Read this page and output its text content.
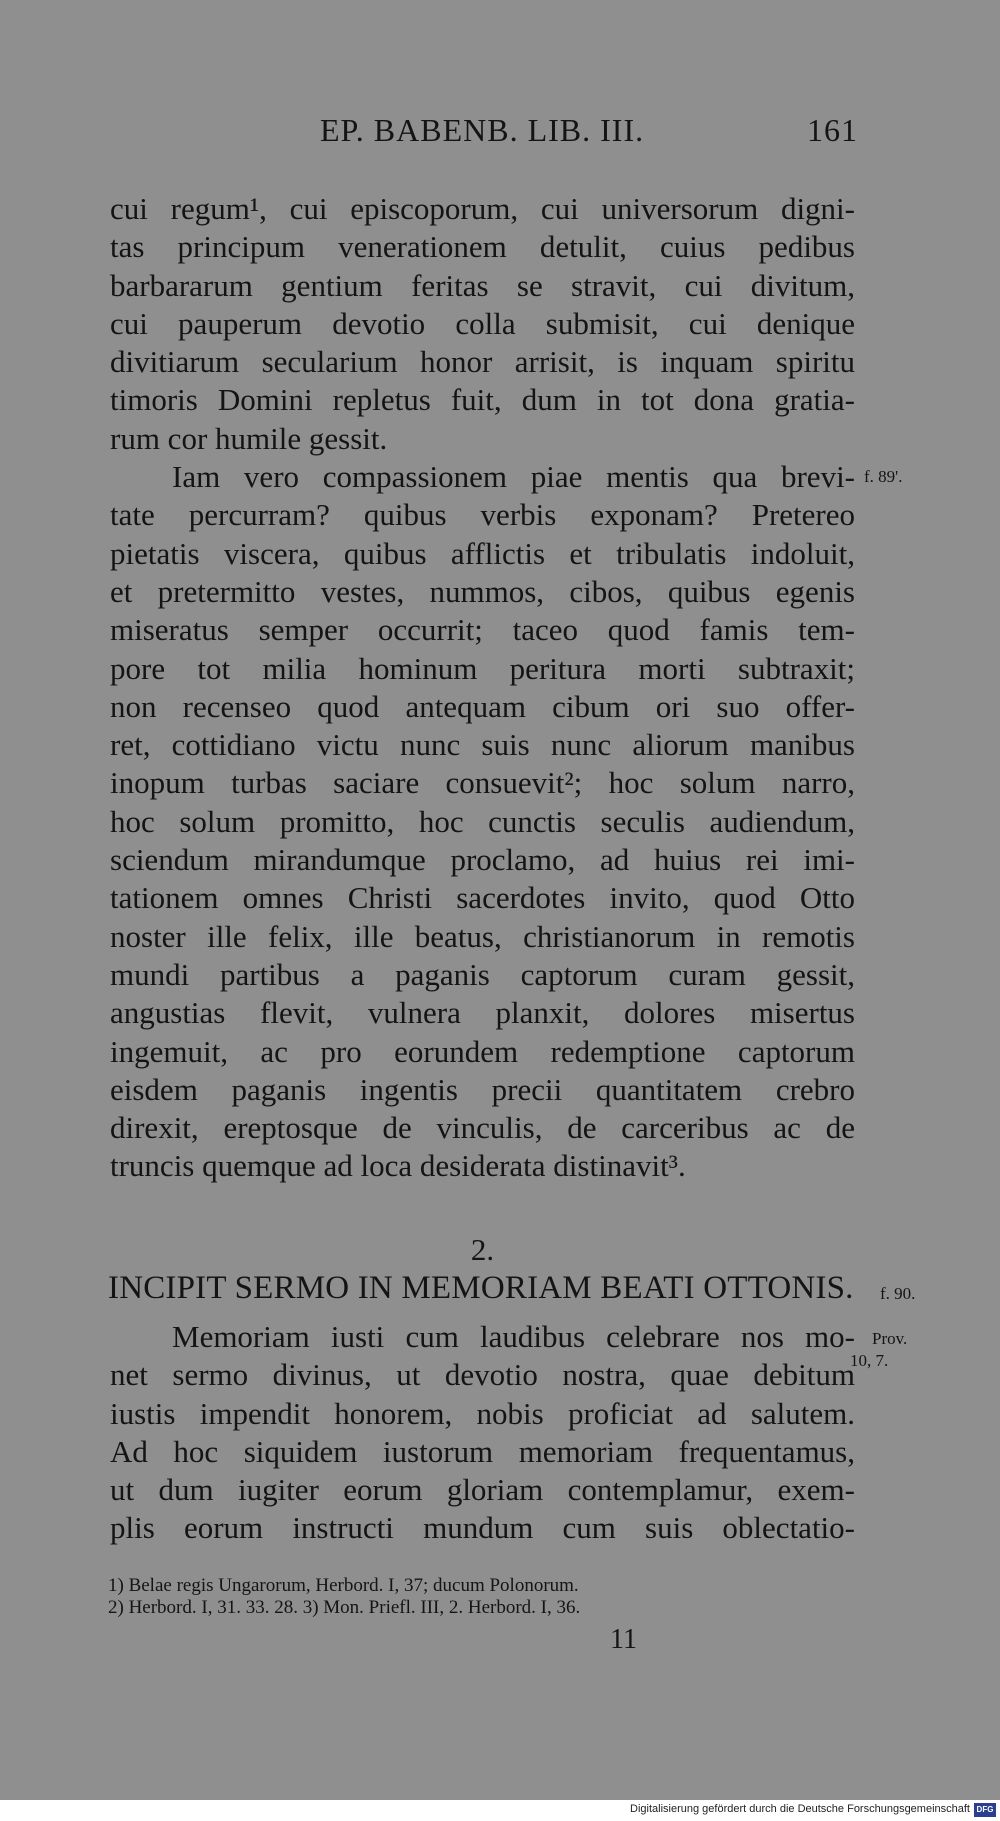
EP. BABENB. LIB. III.	161
cui regum¹, cui episcoporum, cui universorum digni-
tas principum venerationem detulit, cuius pedibus
barbararum gentium feritas se stravit, cui divitum,
cui pauperum devotio colla submisit, cui denique
divitiarum secularium honor arrisit, is inquam spiritu
timoris Domini repletus fuit, dum in tot dona gratia-
rum cor humile gessit.
Iam vero compassionem piae mentis qua brevi-
tate percurram? quibus verbis exponam? Pretereo
pietatis viscera, quibus afflictis et tribulatis indoluit,
et pretermitto vestes, nummos, cibos, quibus egenis
miseratus semper occurrit; taceo quod famis tem-
pore tot milia hominum peritura morti subtraxit;
non recenseo quod antequam cibum ori suo offer-
ret, cottidiano victu nunc suis nunc aliorum manibus
inopum turbas saciare consuevit²; hoc solum narro,
hoc solum promitto, hoc cunctis seculis audiendum,
sciendum mirandumque proclamo, ad huius rei imi-
tationem omnes Christi sacerdotes invito, quod Otto
noster ille felix, ille beatus, christianorum in remotis
mundi partibus a paganis captorum curam gessit,
angustias flevit, vulnera planxit, dolores misertus
ingemuit, ac pro eorundem redemptione captorum
eisdem paganis ingentis precii quantitatem crebro
direxit, ereptosque de vinculis, de carceribus ac de
truncis quemque ad loca desiderata distinavit³.
f. 89'.
2.
INCIPIT SERMO IN MEMORIAM BEATI OTTONIS.	f. 90.
Memoriam iusti cum laudibus celebrare nos mo-
net sermo divinus, ut devotio nostra, quae debitum
iustis impendit honorem, nobis proficiat ad salutem.
Ad hoc siquidem iustorum memoriam frequentamus,
ut dum iugiter eorum gloriam contemplamur, exem-
plis eorum instructi mundum cum suis oblectatio-
Prov.
10, 7.
1) Belae regis Ungarorum, Herbord. I, 37; ducum Polonorum.
2) Herbord. I, 31. 33. 28. 3) Mon. Priefl. III, 2. Herbord. I, 36.
11
Digitalisierung gefördert durch die Deutsche Forschungsgemeinschaft DFG
